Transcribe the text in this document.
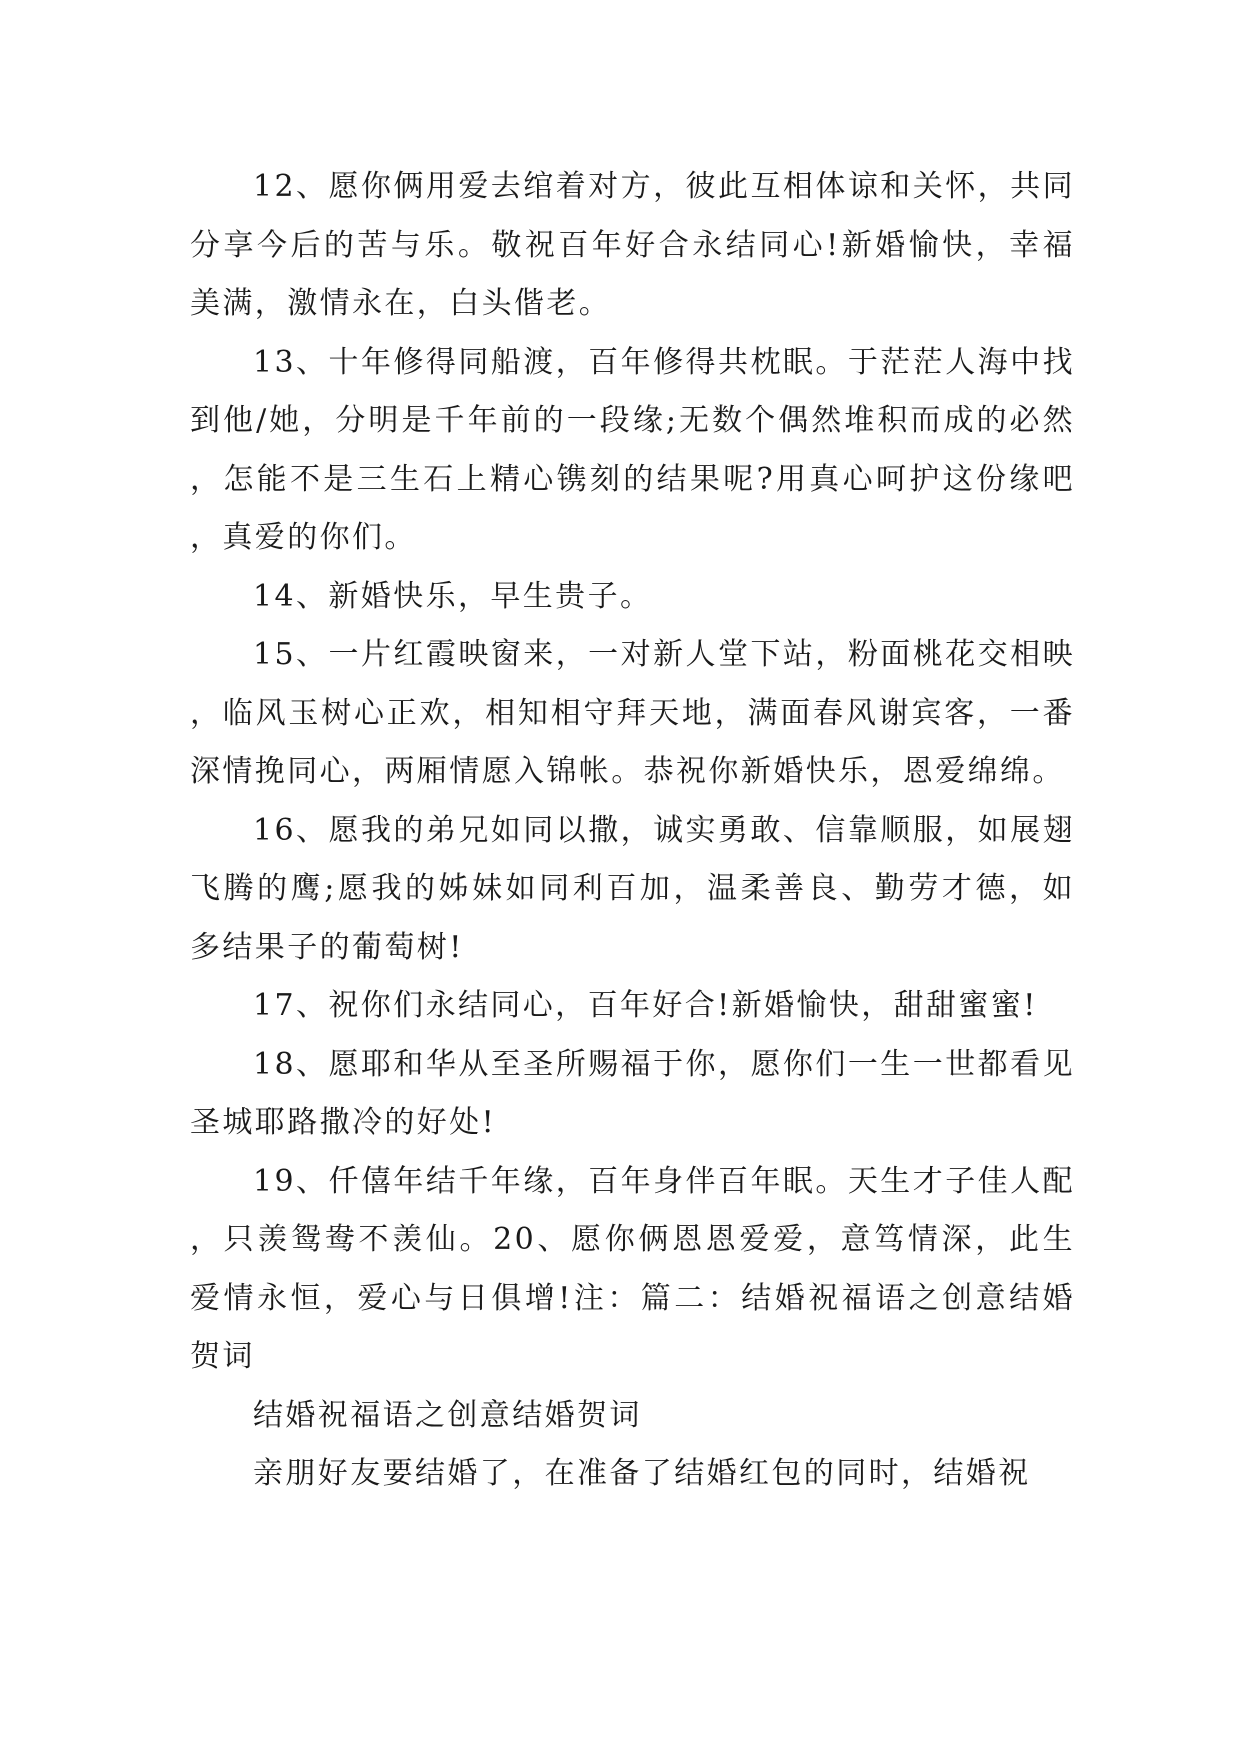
12、愿你俩用爱去绾着对方，彼此互相体谅和关怀，共同分享今后的苦与乐。敬祝百年好合永结同心!新婚愉快，幸福美满，激情永在，白头偕老。

13、十年修得同船渡，百年修得共枕眠。于茫茫人海中找到他/她，分明是千年前的一段缘;无数个偶然堆积而成的必然，怎能不是三生石上精心镌刻的结果呢?用真心呵护这份缘吧，真爱的你们。

14、新婚快乐，早生贵子。

15、一片红霞映窗来，一对新人堂下站，粉面桃花交相映，临风玉树心正欢，相知相守拜天地，满面春风谢宾客，一番深情挽同心，两厢情愿入锦帐。恭祝你新婚快乐，恩爱绵绵。

16、愿我的弟兄如同以撒，诚实勇敢、信靠顺服，如展翅飞腾的鹰;愿我的姊妹如同利百加，温柔善良、勤劳才德，如多结果子的葡萄树!

17、祝你们永结同心，百年好合!新婚愉快，甜甜蜜蜜!

18、愿耶和华从至圣所赐福于你，愿你们一生一世都看见圣城耶路撒冷的好处!

19、仟僖年结千年缘，百年身伴百年眠。天生才子佳人配，只羡鸳鸯不羡仙。20、愿你俩恩恩爱爱，意笃情深，此生爱情永恒，爱心与日俱增!注：篇二：结婚祝福语之创意结婚贺词

结婚祝福语之创意结婚贺词

亲朋好友要结婚了，在准备了结婚红包的同时，结婚祝
